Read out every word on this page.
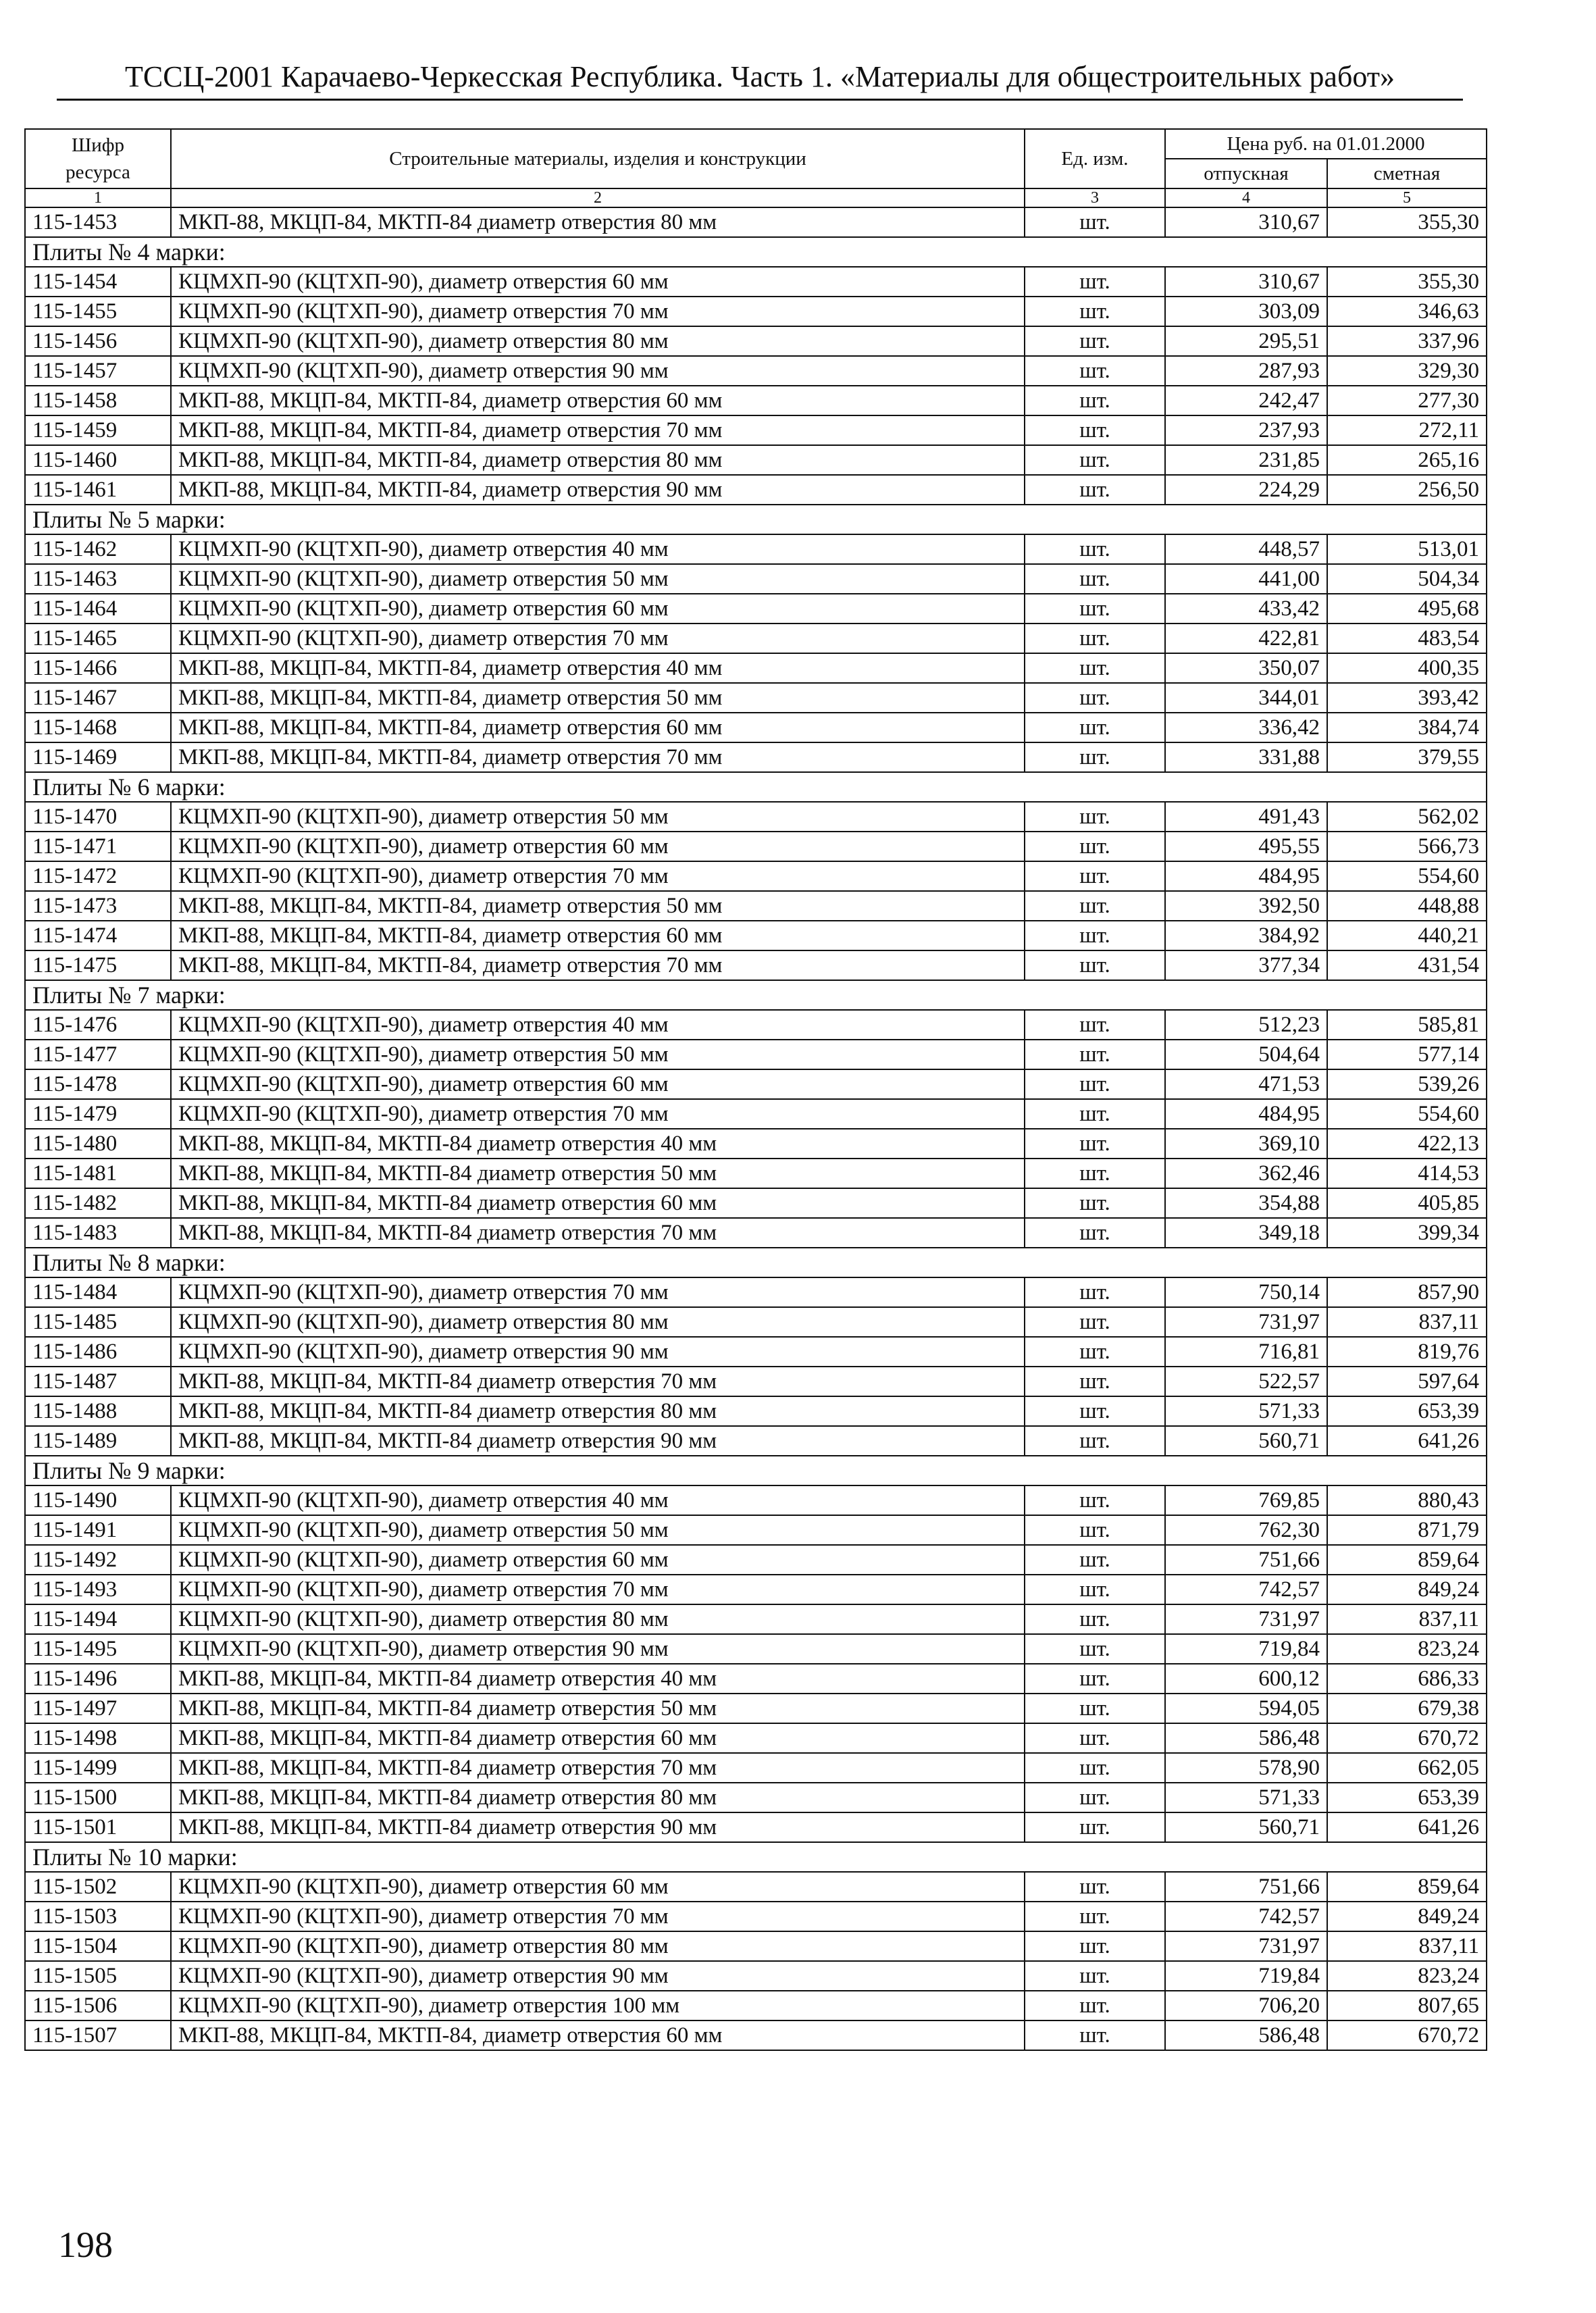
ТССЦ-2001 Карачаево-Черкесская Республика. Часть 1. «Материалы для общестроительных работ»
Шифр ресурса	Строительные материалы, изделия и конструкции	Ед. изм.	Цена руб. на 01.01.2000	
			отпускная	сметная
1	2	3	4	5
115-1453	МКП-88, МКЦП-84, МКТП-84 диаметр отверстия 80 мм	шт.	310,67	355,30
Плиты № 4 марки:				
115-1454	КЦМХП-90 (КЦТХП-90), диаметр отверстия 60 мм	шт.	310,67	355,30
115-1455	КЦМХП-90 (КЦТХП-90), диаметр отверстия 70 мм	шт.	303,09	346,63
115-1456	КЦМХП-90 (КЦТХП-90), диаметр отверстия 80 мм	шт.	295,51	337,96
115-1457	КЦМХП-90 (КЦТХП-90), диаметр отверстия 90 мм	шт.	287,93	329,30
115-1458	МКП-88, МКЦП-84, МКТП-84, диаметр отверстия 60 мм	шт.	242,47	277,30
115-1459	МКП-88, МКЦП-84, МКТП-84, диаметр отверстия 70 мм	шт.	237,93	272,11
115-1460	МКП-88, МКЦП-84, МКТП-84, диаметр отверстия 80 мм	шт.	231,85	265,16
115-1461	МКП-88, МКЦП-84, МКТП-84, диаметр отверстия 90 мм	шт.	224,29	256,50
Плиты № 5 марки:				
115-1462	КЦМХП-90 (КЦТХП-90), диаметр отверстия 40 мм	шт.	448,57	513,01
115-1463	КЦМХП-90 (КЦТХП-90), диаметр отверстия 50 мм	шт.	441,00	504,34
115-1464	КЦМХП-90 (КЦТХП-90), диаметр отверстия 60 мм	шт.	433,42	495,68
115-1465	КЦМХП-90 (КЦТХП-90), диаметр отверстия 70 мм	шт.	422,81	483,54
115-1466	МКП-88, МКЦП-84, МКТП-84, диаметр отверстия 40 мм	шт.	350,07	400,35
115-1467	МКП-88, МКЦП-84, МКТП-84, диаметр отверстия 50 мм	шт.	344,01	393,42
115-1468	МКП-88, МКЦП-84, МКТП-84, диаметр отверстия 60 мм	шт.	336,42	384,74
115-1469	МКП-88, МКЦП-84, МКТП-84, диаметр отверстия 70 мм	шт.	331,88	379,55
Плиты № 6 марки:				
115-1470	КЦМХП-90 (КЦТХП-90), диаметр отверстия 50 мм	шт.	491,43	562,02
115-1471	КЦМХП-90 (КЦТХП-90), диаметр отверстия 60 мм	шт.	495,55	566,73
115-1472	КЦМХП-90 (КЦТХП-90), диаметр отверстия 70 мм	шт.	484,95	554,60
115-1473	МКП-88, МКЦП-84, МКТП-84, диаметр отверстия 50 мм	шт.	392,50	448,88
115-1474	МКП-88, МКЦП-84, МКТП-84, диаметр отверстия 60 мм	шт.	384,92	440,21
115-1475	МКП-88, МКЦП-84, МКТП-84, диаметр отверстия 70 мм	шт.	377,34	431,54
Плиты № 7 марки:				
115-1476	КЦМХП-90 (КЦТХП-90), диаметр отверстия 40 мм	шт.	512,23	585,81
115-1477	КЦМХП-90 (КЦТХП-90), диаметр отверстия 50 мм	шт.	504,64	577,14
115-1478	КЦМХП-90 (КЦТХП-90), диаметр отверстия 60 мм	шт.	471,53	539,26
115-1479	КЦМХП-90 (КЦТХП-90), диаметр отверстия 70 мм	шт.	484,95	554,60
115-1480	МКП-88, МКЦП-84, МКТП-84 диаметр отверстия 40 мм	шт.	369,10	422,13
115-1481	МКП-88, МКЦП-84, МКТП-84 диаметр отверстия 50 мм	шт.	362,46	414,53
115-1482	МКП-88, МКЦП-84, МКТП-84 диаметр отверстия 60 мм	шт.	354,88	405,85
115-1483	МКП-88, МКЦП-84, МКТП-84 диаметр отверстия 70 мм	шт.	349,18	399,34
Плиты № 8 марки:				
115-1484	КЦМХП-90 (КЦТХП-90), диаметр отверстия 70 мм	шт.	750,14	857,90
115-1485	КЦМХП-90 (КЦТХП-90), диаметр отверстия 80 мм	шт.	731,97	837,11
115-1486	КЦМХП-90 (КЦТХП-90), диаметр отверстия 90 мм	шт.	716,81	819,76
115-1487	МКП-88, МКЦП-84, МКТП-84 диаметр отверстия 70 мм	шт.	522,57	597,64
115-1488	МКП-88, МКЦП-84, МКТП-84 диаметр отверстия 80 мм	шт.	571,33	653,39
115-1489	МКП-88, МКЦП-84, МКТП-84 диаметр отверстия 90 мм	шт.	560,71	641,26
Плиты № 9 марки:				
115-1490	КЦМХП-90 (КЦТХП-90), диаметр отверстия 40 мм	шт.	769,85	880,43
115-1491	КЦМХП-90 (КЦТХП-90), диаметр отверстия 50 мм	шт.	762,30	871,79
115-1492	КЦМХП-90 (КЦТХП-90), диаметр отверстия 60 мм	шт.	751,66	859,64
115-1493	КЦМХП-90 (КЦТХП-90), диаметр отверстия 70 мм	шт.	742,57	849,24
115-1494	КЦМХП-90 (КЦТХП-90), диаметр отверстия 80 мм	шт.	731,97	837,11
115-1495	КЦМХП-90 (КЦТХП-90), диаметр отверстия 90 мм	шт.	719,84	823,24
115-1496	МКП-88, МКЦП-84, МКТП-84 диаметр отверстия 40 мм	шт.	600,12	686,33
115-1497	МКП-88, МКЦП-84, МКТП-84 диаметр отверстия 50 мм	шт.	594,05	679,38
115-1498	МКП-88, МКЦП-84, МКТП-84 диаметр отверстия 60 мм	шт.	586,48	670,72
115-1499	МКП-88, МКЦП-84, МКТП-84 диаметр отверстия 70 мм	шт.	578,90	662,05
115-1500	МКП-88, МКЦП-84, МКТП-84 диаметр отверстия 80 мм	шт.	571,33	653,39
115-1501	МКП-88, МКЦП-84, МКТП-84 диаметр отверстия 90 мм	шт.	560,71	641,26
Плиты № 10 марки:				
115-1502	КЦМХП-90 (КЦТХП-90), диаметр отверстия 60 мм	шт.	751,66	859,64
115-1503	КЦМХП-90 (КЦТХП-90), диаметр отверстия 70 мм	шт.	742,57	849,24
115-1504	КЦМХП-90 (КЦТХП-90), диаметр отверстия 80 мм	шт.	731,97	837,11
115-1505	КЦМХП-90 (КЦТХП-90), диаметр отверстия 90 мм	шт.	719,84	823,24
115-1506	КЦМХП-90 (КЦТХП-90), диаметр отверстия 100 мм	шт.	706,20	807,65
115-1507	МКП-88, МКЦП-84, МКТП-84, диаметр отверстия 60 мм	шт.	586,48	670,72
198
